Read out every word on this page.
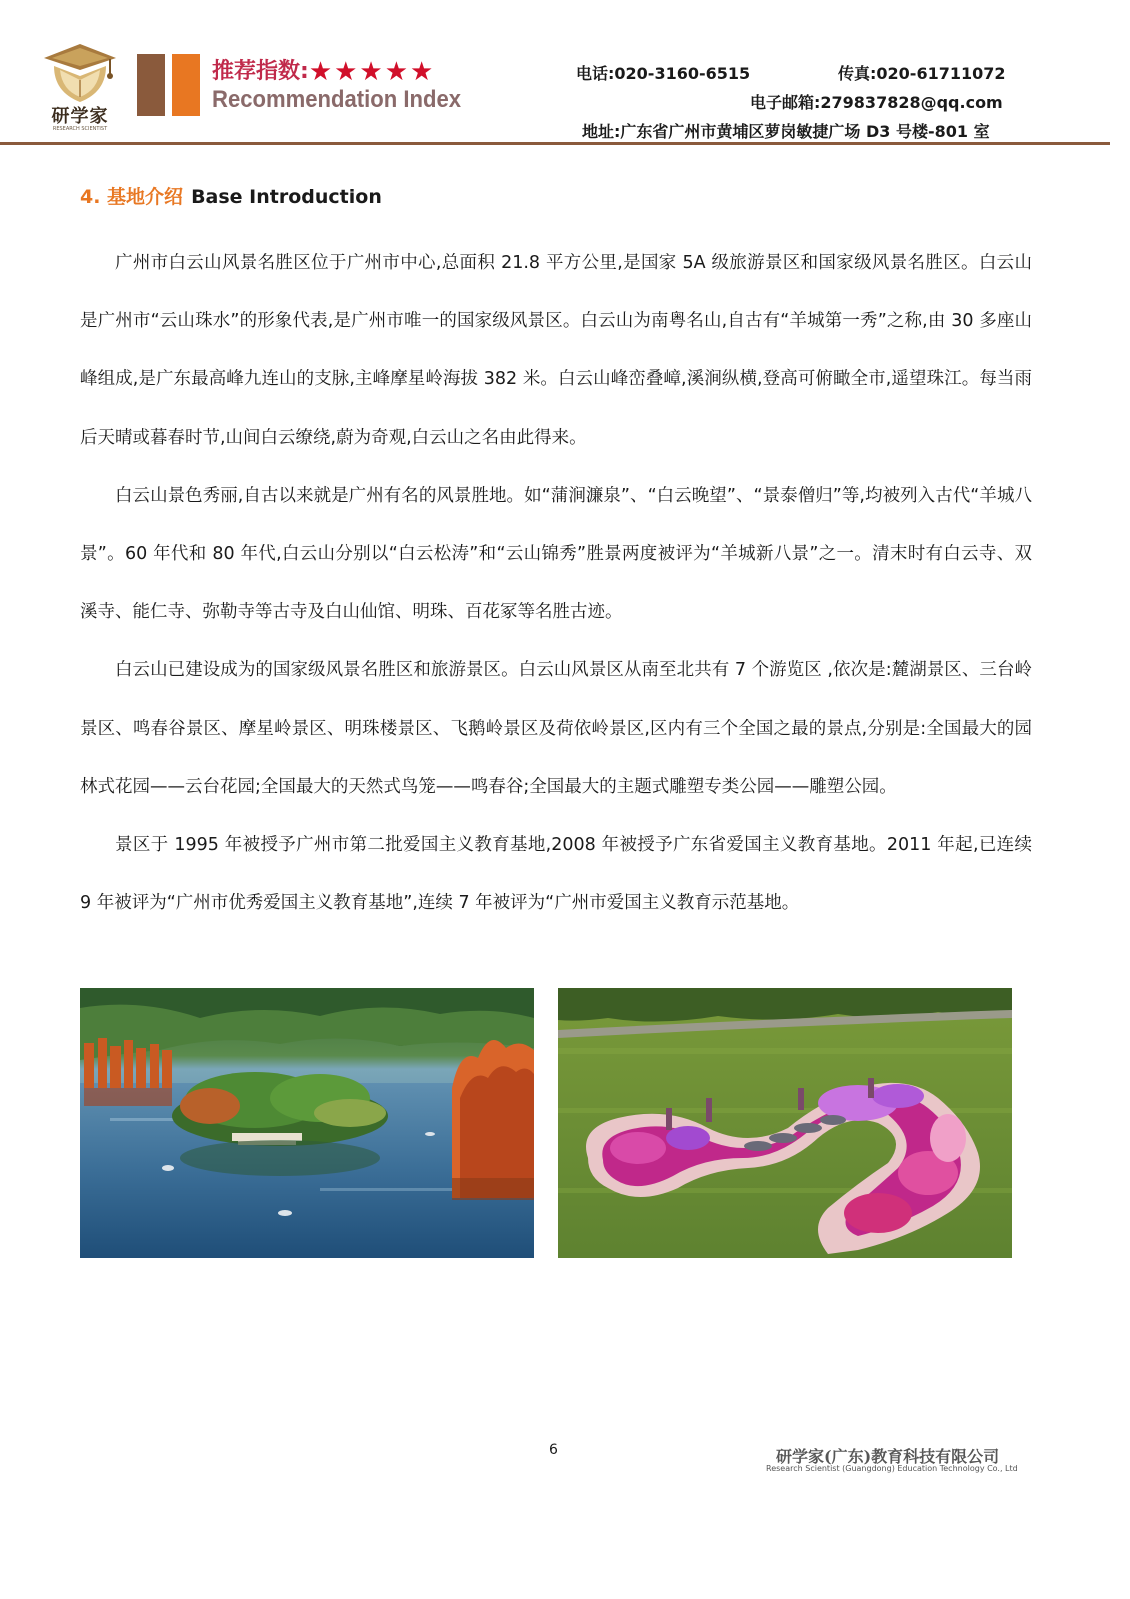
研学家
RESEARCH SCIENTIST
推荐指数:★★★★★
Recommendation Index
电话:020-3160-6515	传真:020-61711072
电子邮箱:279837828@qq.com
地址:广东省广州市黄埔区萝岗敏捷广场 D3 号楼-801 室
4. 基地介绍 Base Introduction

广州市白云山风景名胜区位于广州市中心,总面积 21.8 平方公里,是国家 5A 级旅游景区和国家级风景名胜区。白云山是广州市“云山珠水”的形象代表,是广州市唯一的国家级风景区。白云山为南粤名山,自古有“羊城第一秀”之称,由 30 多座山峰组成,是广东最高峰九连山的支脉,主峰摩星岭海拔 382 米。白云山峰峦叠嶂,溪涧纵横,登高可俯瞰全市,遥望珠江。每当雨后天晴或暮春时节,山间白云缭绕,蔚为奇观,白云山之名由此得来。

白云山景色秀丽,自古以来就是广州有名的风景胜地。如“蒲涧濂泉”、“白云晚望”、“景泰僧归”等,均被列入古代“羊城八景”。60 年代和 80 年代,白云山分别以“白云松涛”和“云山锦秀”胜景两度被评为“羊城新八景”之一。清末时有白云寺、双溪寺、能仁寺、弥勒寺等古寺及白山仙馆、明珠、百花冢等名胜古迹。

白云山已建设成为的国家级风景名胜区和旅游景区。白云山风景区从南至北共有 7 个游览区 ,依次是:麓湖景区、三台岭景区、鸣春谷景区、摩星岭景区、明珠楼景区、飞鹅岭景区及荷依岭景区,区内有三个全国之最的景点,分别是:全国最大的园林式花园——云台花园;全国最大的天然式鸟笼——鸣春谷;全国最大的主题式雕塑专类公园——雕塑公园。

景区于 1995 年被授予广州市第二批爱国主义教育基地,2008 年被授予广东省爱国主义教育基地。2011 年起,已连续 9 年被评为“广州市优秀爱国主义教育基地”,连续 7 年被评为“广州市爱国主义教育示范基地。

6	研学家(广东)教育科技有限公司
Research Scientist (Guangdong) Education Technology Co., Ltd
